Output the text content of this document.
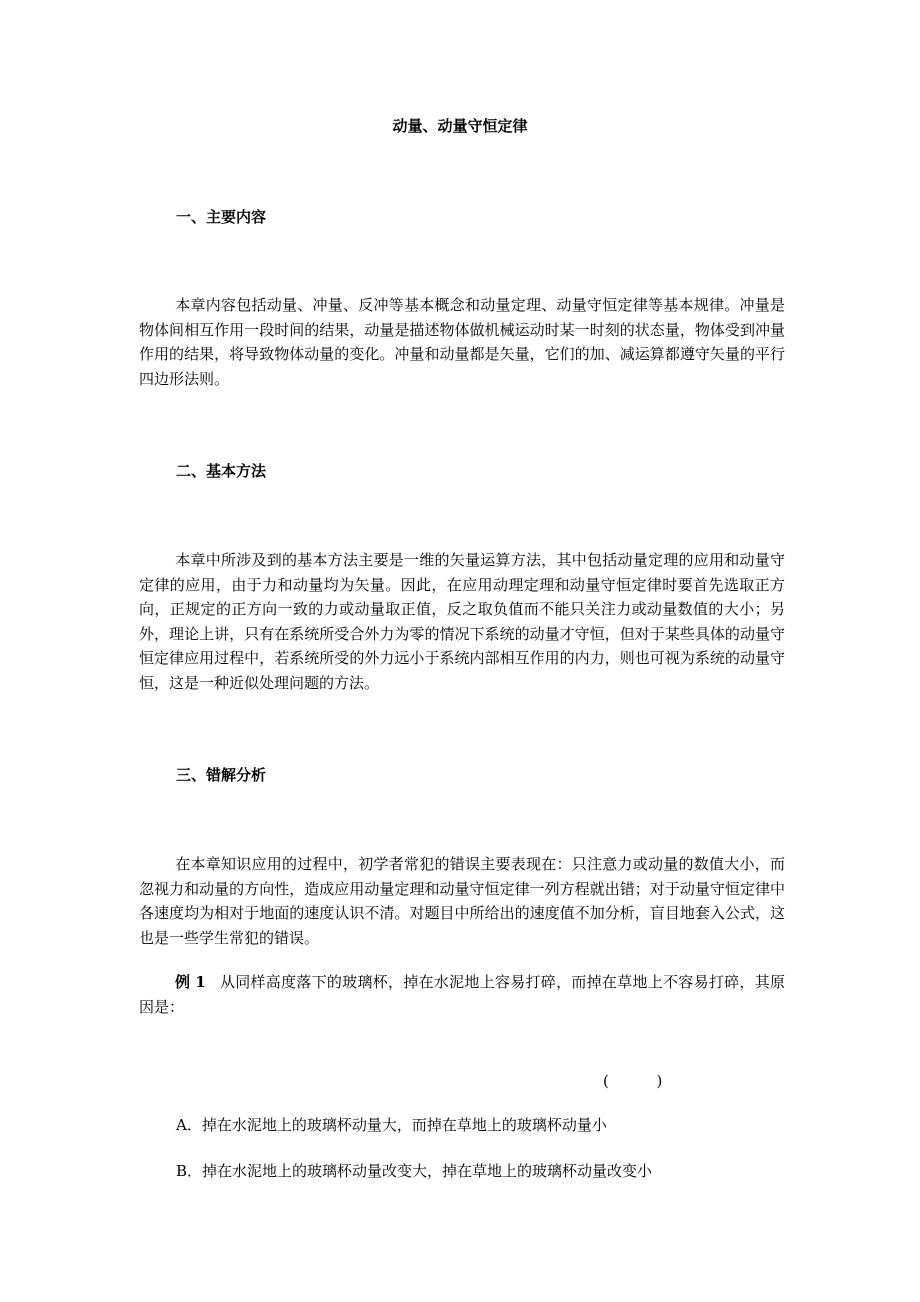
动量、动量守恒定律
一、主要内容
本章内容包括动量、冲量、反冲等基本概念和动量定理、动量守恒定律等基本规律。冲量是物体间相互作用一段时间的结果，动量是描述物体做机械运动时某一时刻的状态量，物体受到冲量作用的结果，将导致物体动量的变化。冲量和动量都是矢量，它们的加、减运算都遵守矢量的平行四边形法则。
二、基本方法
本章中所涉及到的基本方法主要是一维的矢量运算方法，其中包括动量定理的应用和动量守定律的应用，由于力和动量均为矢量。因此，在应用动理定理和动量守恒定律时要首先选取正方向，正规定的正方向一致的力或动量取正值，反之取负值而不能只关注力或动量数值的大小；另外，理论上讲，只有在系统所受合外力为零的情况下系统的动量才守恒，但对于某些具体的动量守恒定律应用过程中，若系统所受的外力远小于系统内部相互作用的内力，则也可视为系统的动量守恒，这是一种近似处理问题的方法。
三、错解分析
在本章知识应用的过程中，初学者常犯的错误主要表现在：只注意力或动量的数值大小，而忽视力和动量的方向性，造成应用动量定理和动量守恒定律一列方程就出错；对于动量守恒定律中各速度均为相对于地面的速度认识不清。对题目中所给出的速度值不加分析，盲目地套入公式，这也是一些学生常犯的错误。
例 1 从同样高度落下的玻璃杯，掉在水泥地上容易打碎，而掉在草地上不容易打碎，其原因是：
(          )
A．掉在水泥地上的玻璃杯动量大，而掉在草地上的玻璃杯动量小
B．掉在水泥地上的玻璃杯动量改变大，掉在草地上的玻璃杯动量改变小
